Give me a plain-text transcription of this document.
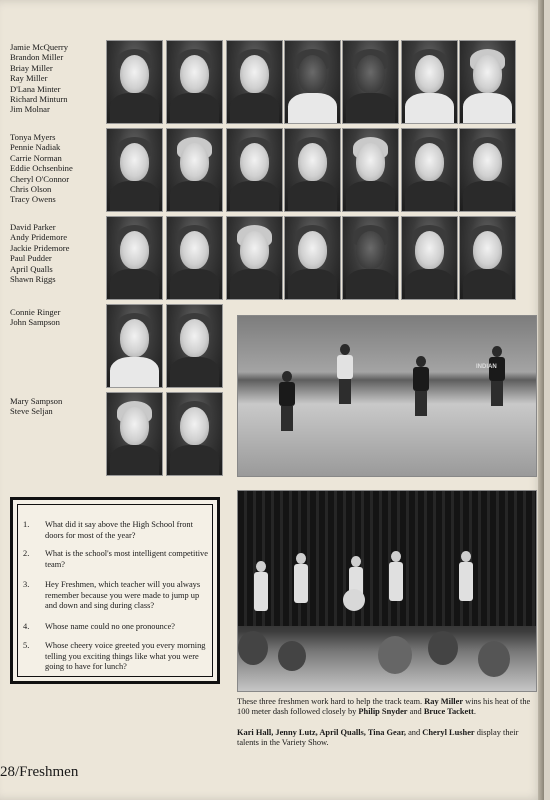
Jamie McQuerry
Brandon Miller
Briay Miller
Ray Miller
D'Lana Minter
Richard Minturn
Jim Molnar
Tonya Myers
Pennie Nadiak
Carrie Norman
Eddie Ochsenbine
Cheryl O'Connor
Chris Olson
Tracy Owens
David Parker
Andy Pridemore
Jackie Pridemore
Paul Pudder
April Qualls
Shawn Riggs
Connie Ringer
John Sampson
Mary Sampson
Steve Seljan
INDIAN
1. What did it say above the High School front doors for most of the year?
2. What is the school's most intelligent competitive team?
3. Hey Freshmen, which teacher will you always remember because you were made to jump up and down and sing during class?
4. Whose name could no one pronounce?
5. Whose cheery voice greeted you every morning telling you exciting things like what you were going to have for lunch?
These three freshmen work hard to help the track team. Ray Miller wins his heat of the 100 meter dash followed closely by Philip Snyder and Bruce Tackett.
Kari Hall, Jenny Lutz, April Qualls, Tina Gear, and Cheryl Lusher display their talents in the Variety Show.
28/Freshmen
